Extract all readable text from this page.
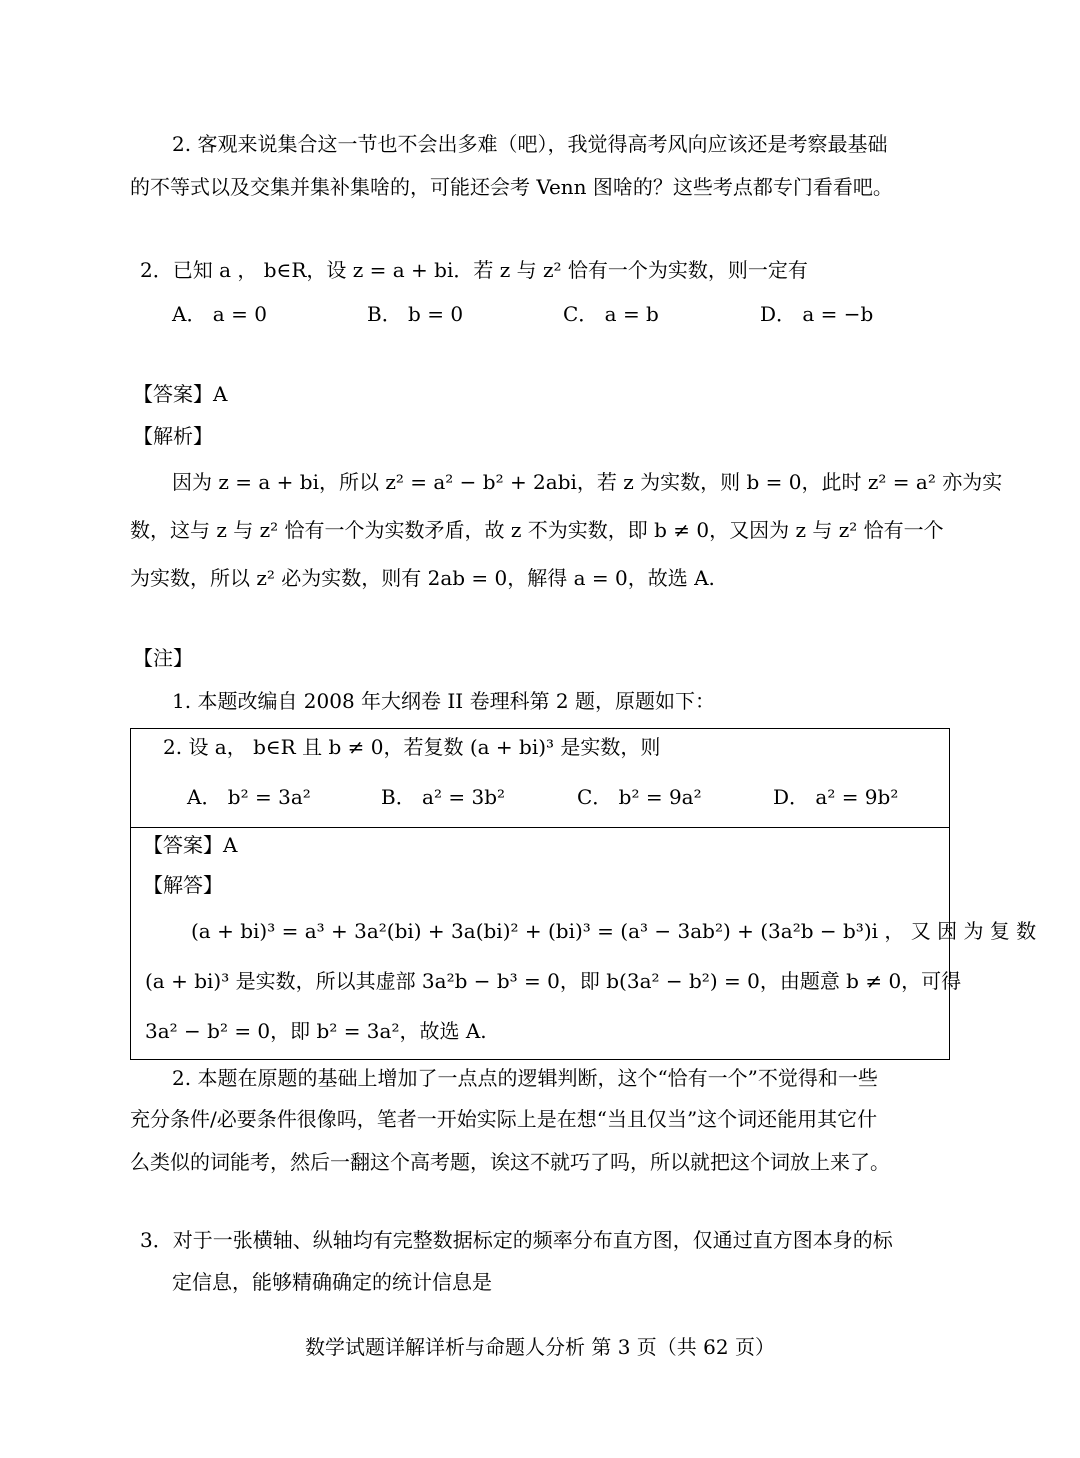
2. 客观来说集合这一节也不会出多难（吧），我觉得高考风向应该还是考察最基础
的不等式以及交集并集补集啥的，可能还会考 Venn 图啥的？这些考点都专门看看吧。
2．已知 a ， b∈R，设 z = a + bi．若 z 与 z² 恰有一个为实数，则一定有
A． a = 0	B． b = 0	C． a = b	D． a = −b
【答案】A
【解析】
因为 z = a + bi，所以 z² = a² − b² + 2abi，若 z 为实数，则 b = 0，此时 z² = a² 亦为实
数，这与 z 与 z² 恰有一个为实数矛盾，故 z 不为实数，即 b ≠ 0，又因为 z 与 z² 恰有一个
为实数，所以 z² 必为实数，则有 2ab = 0，解得 a = 0，故选 A.
【注】
1. 本题改编自 2008 年大纲卷 II 卷理科第 2 题，原题如下：
2. 设 a， b∈R 且 b ≠ 0，若复数 (a + bi)³ 是实数，则
A． b² = 3a²	B． a² = 3b²	C． b² = 9a²	D． a² = 9b²
【答案】A
【解答】
(a + bi)³ = a³ + 3a²(bi) + 3a(bi)² + (bi)³ = (a³ − 3ab²) + (3a²b − b³)i ， 又 因 为 复 数
(a + bi)³ 是实数，所以其虚部 3a²b − b³ = 0，即 b(3a² − b²) = 0，由题意 b ≠ 0，可得
3a² − b² = 0，即 b² = 3a²，故选 A.
2. 本题在原题的基础上增加了一点点的逻辑判断，这个“恰有一个”不觉得和一些
充分条件/必要条件很像吗，笔者一开始实际上是在想“当且仅当”这个词还能用其它什
么类似的词能考，然后一翻这个高考题，诶这不就巧了吗，所以就把这个词放上来了。
3．对于一张横轴、纵轴均有完整数据标定的频率分布直方图，仅通过直方图本身的标
定信息，能够精确确定的统计信息是
数学试题详解详析与命题人分析 第 3 页（共 62 页）
